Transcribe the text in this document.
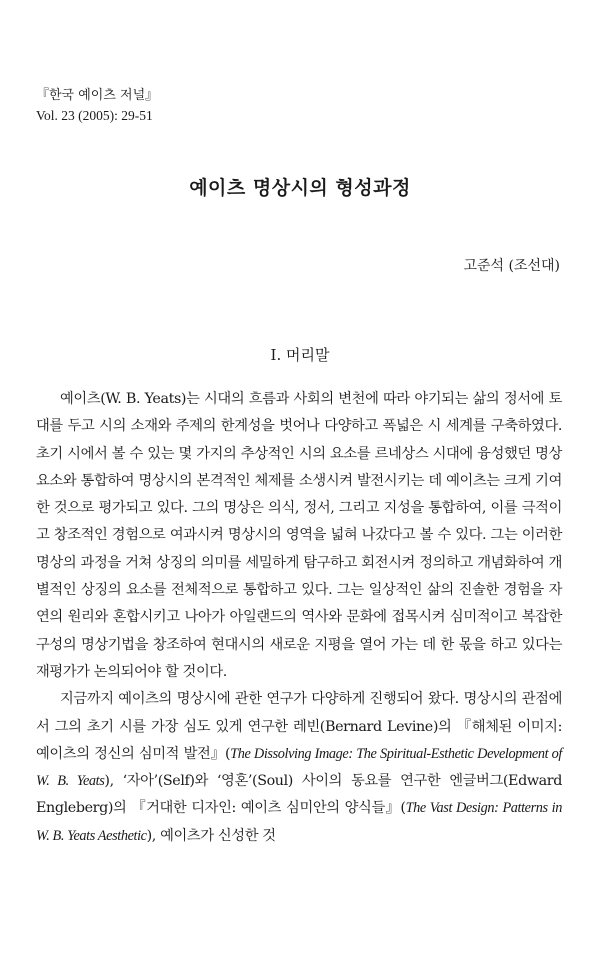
『한국 예이츠 저널』
Vol. 23 (2005): 29-51
예이츠 명상시의 형성과정
고준석 (조선대)
I. 머리말

예이츠(W. B. Yeats)는 시대의 흐름과 사회의 변천에 따라 야기되는 삶의 정서에 토대를 두고 시의 소재와 주제의 한계성을 벗어나 다양하고 폭넓은 시 세계를 구축하였다. 초기 시에서 볼 수 있는 몇 가지의 추상적인 시의 요소를 르네상스 시대에 융성했던 명상 요소와 통합하여 명상시의 본격적인 체제를 소생시켜 발전시키는 데 예이츠는 크게 기여한 것으로 평가되고 있다. 그의 명상은 의식, 정서, 그리고 지성을 통합하여, 이를 극적이고 창조적인 경험으로 여과시켜 명상시의 영역을 넓혀 나갔다고 볼 수 있다. 그는 이러한 명상의 과정을 거쳐 상징의 의미를 세밀하게 탐구하고 회전시켜 정의하고 개념화하여 개별적인 상징의 요소를 전체적으로 통합하고 있다. 그는 일상적인 삶의 진솔한 경험을 자연의 원리와 혼합시키고 나아가 아일랜드의 역사와 문화에 접목시켜 심미적이고 복잡한 구성의 명상기법을 창조하여 현대시의 새로운 지평을 열어 가는 데 한 몫을 하고 있다는 재평가가 논의되어야 할 것이다.

지금까지 예이츠의 명상시에 관한 연구가 다양하게 진행되어 왔다. 명상시의 관점에서 그의 초기 시를 가장 심도 있게 연구한 레빈(Bernard Levine)의 『해체된 이미지: 예이츠의 정신의 심미적 발전』(The Dissolving Image: The Spiritual-Esthetic Development of W. B. Yeats), ‘자아’(Self)와 ‘영혼’(Soul) 사이의 동요를 연구한 엔글버그(Edward Engleberg)의 『거대한 디자인: 예이츠 심미안의 양식들』(The Vast Design: Patterns in W. B. Yeats Aesthetic), 예이츠가 신성한 것
